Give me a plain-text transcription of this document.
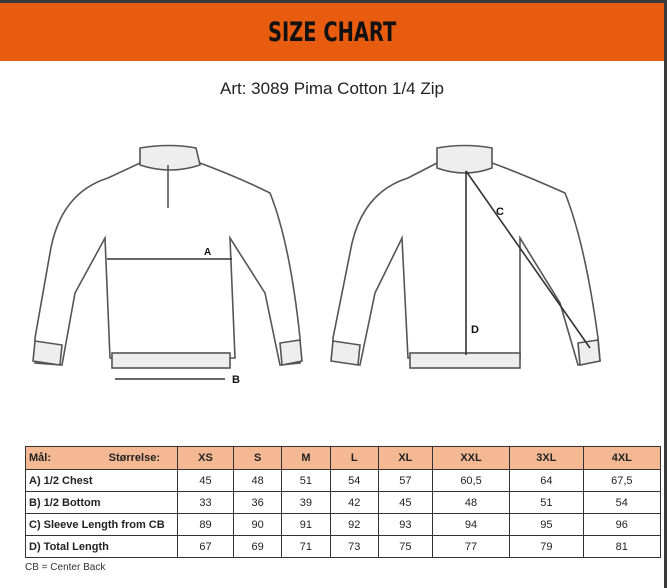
SIZE CHART
Art: 3089 Pima Cotton 1/4 Zip
A
B
C
D
Mål: Størrelse:	XS	S	M	L	XL	XXL	3XL	4XL
A) 1/2 Chest	45	48	51	54	57	60,5	64	67,5
B) 1/2 Bottom	33	36	39	42	45	48	51	54
C) Sleeve Length from CB	89	90	91	92	93	94	95	96
D) Total Length	67	69	71	73	75	77	79	81
CB = Center Back
